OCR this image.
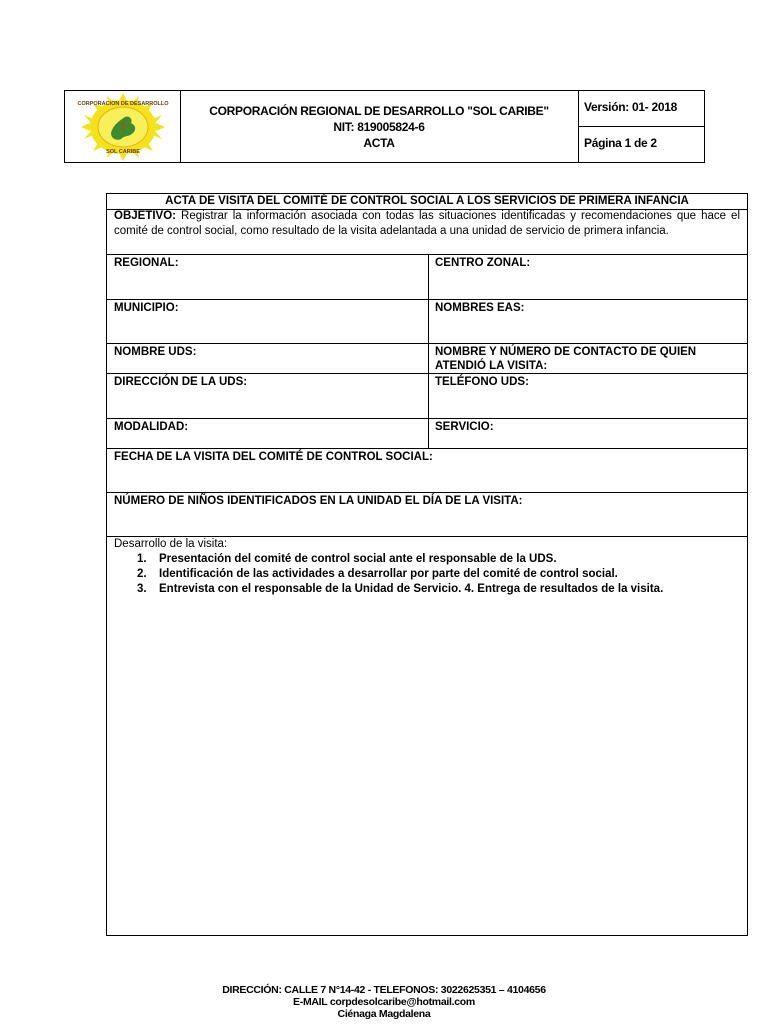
CORPORACION DE DESARROLLO
SOL CARIBE
CORPORACIÓN REGIONAL DE DESARROLLO "SOL CARIBE"
NIT: 819005824-6
ACTA
Versión: 01- 2018
Página 1 de 2
ACTA DE VISITA DEL COMITÉ DE CONTROL SOCIAL A LOS SERVICIOS DE PRIMERA INFANCIA
OBJETIVO: Registrar la información asociada con todas las situaciones identificadas y recomendaciones que hace el comité de control social, como resultado de la visita adelantada a una unidad de servicio de primera infancia.
REGIONAL:	CENTRO ZONAL:
MUNICIPIO:	NOMBRES EAS:
NOMBRE UDS:	NOMBRE Y NÚMERO DE CONTACTO DE QUIEN ATENDIÓ LA VISITA:
DIRECCIÓN DE LA UDS:	TELÉFONO UDS:
MODALIDAD:	SERVICIO:
FECHA DE LA VISITA DEL COMITÉ DE CONTROL SOCIAL:
NÚMERO DE NIÑOS IDENTIFICADOS EN LA UNIDAD EL DÍA DE LA VISITA:
Desarrollo de la visita:
1.	Presentación del comité de control social ante el responsable de la UDS.
2.	Identificación de las actividades a desarrollar por parte del comité de control social.
3.	Entrevista con el responsable de la Unidad de Servicio. 4. Entrega de resultados de la visita.
DIRECCIÓN: CALLE 7 N°14-42 - TELEFONOS: 3022625351 – 4104656
E-MAIL corpdesolcaribe@hotmail.com
Ciénaga Magdalena
